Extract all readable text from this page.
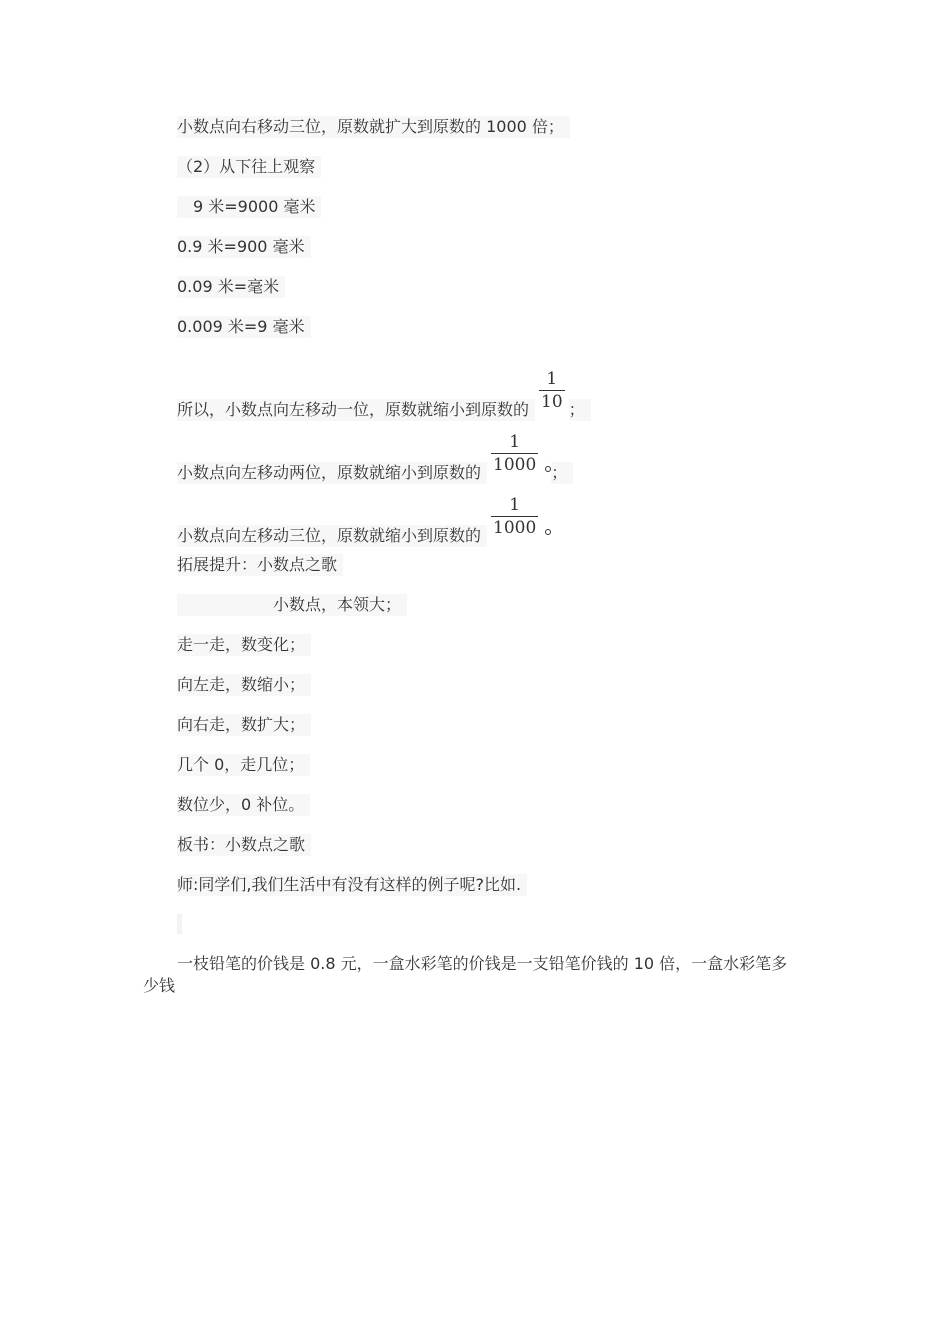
小数点向右移动三位，原数就扩大到原数的 1000 倍；
（2）从下往上观察
9 米=9000 毫米
0.9 米=900 毫米
0.09 米=毫米
0.009 米=9 毫米
所以，小数点向左移动一位，原数就缩小到原数的 $\frac{1}{10}$ ；
小数点向左移动两位，原数就缩小到原数的 $\frac{1}{1000}$ ；
小数点向左移动三位，原数就缩小到原数的 $\frac{1}{1000}$
拓展提升：小数点之歌
小数点，本领大；
走一走，数变化；
向左走，数缩小；
向右走，数扩大；
几个 0，走几位；
数位少，0 补位。
板书：小数点之歌
师:同学们,我们生活中有没有这样的例子呢?比如.
一枝铅笔的价钱是 0.8 元，一盒水彩笔的价钱是一支铅笔价钱的 10 倍，一盒水彩笔多少钱
